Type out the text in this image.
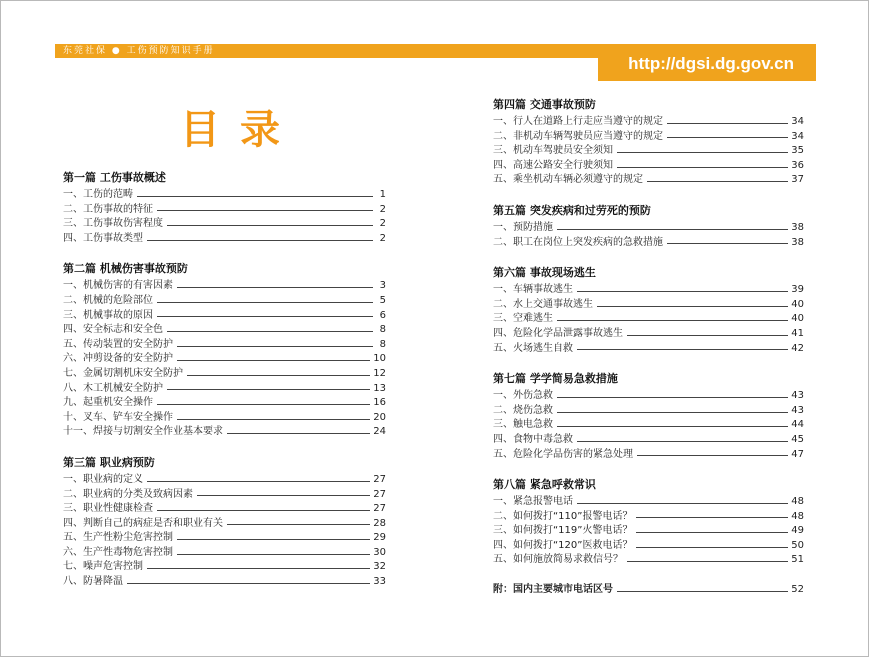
东莞社保 ● 工伤预防知识手册
http://dgsi.dg.gov.cn
目录
第一篇 工伤事故概述
一、工伤的范畴	1
二、工伤事故的特征	2
三、工伤事故伤害程度	2
四、工伤事故类型	2
第二篇 机械伤害事故预防
一、机械伤害的有害因素	3
二、机械的危险部位	5
三、机械事故的原因	6
四、安全标志和安全色	8
五、传动装置的安全防护	8
六、冲剪设备的安全防护	10
七、金属切割机床安全防护	12
八、木工机械安全防护	13
九、起重机安全操作	16
十、叉车、铲车安全操作	20
十一、焊接与切割安全作业基本要求	24
第三篇 职业病预防
一、职业病的定义	27
二、职业病的分类及致病因素	27
三、职业性健康检查	27
四、判断自己的病症是否和职业有关	28
五、生产性粉尘危害控制	29
六、生产性毒物危害控制	30
七、噪声危害控制	32
八、防暑降温	33
第四篇 交通事故预防
一、行人在道路上行走应当遵守的规定	34
二、非机动车辆驾驶员应当遵守的规定	34
三、机动车驾驶员安全须知	35
四、高速公路安全行驶须知	36
五、乘坐机动车辆必须遵守的规定	37
第五篇 突发疾病和过劳死的预防
一、预防措施	38
二、职工在岗位上突发疾病的急救措施	38
第六篇 事故现场逃生
一、车辆事故逃生	39
二、水上交通事故逃生	40
三、空难逃生	40
四、危险化学品泄露事故逃生	41
五、火场逃生自救	42
第七篇 学学简易急救措施
一、外伤急救	43
二、烧伤急救	43
三、触电急救	44
四、食物中毒急救	45
五、危险化学品伤害的紧急处理	47
第八篇 紧急呼救常识
一、紧急报警电话	48
二、如何拨打“110”报警电话？	48
三、如何拨打“119”火警电话？	49
四、如何拨打“120”医救电话？	50
五、如何施放简易求救信号？	51
附：国内主要城市电话区号	52
